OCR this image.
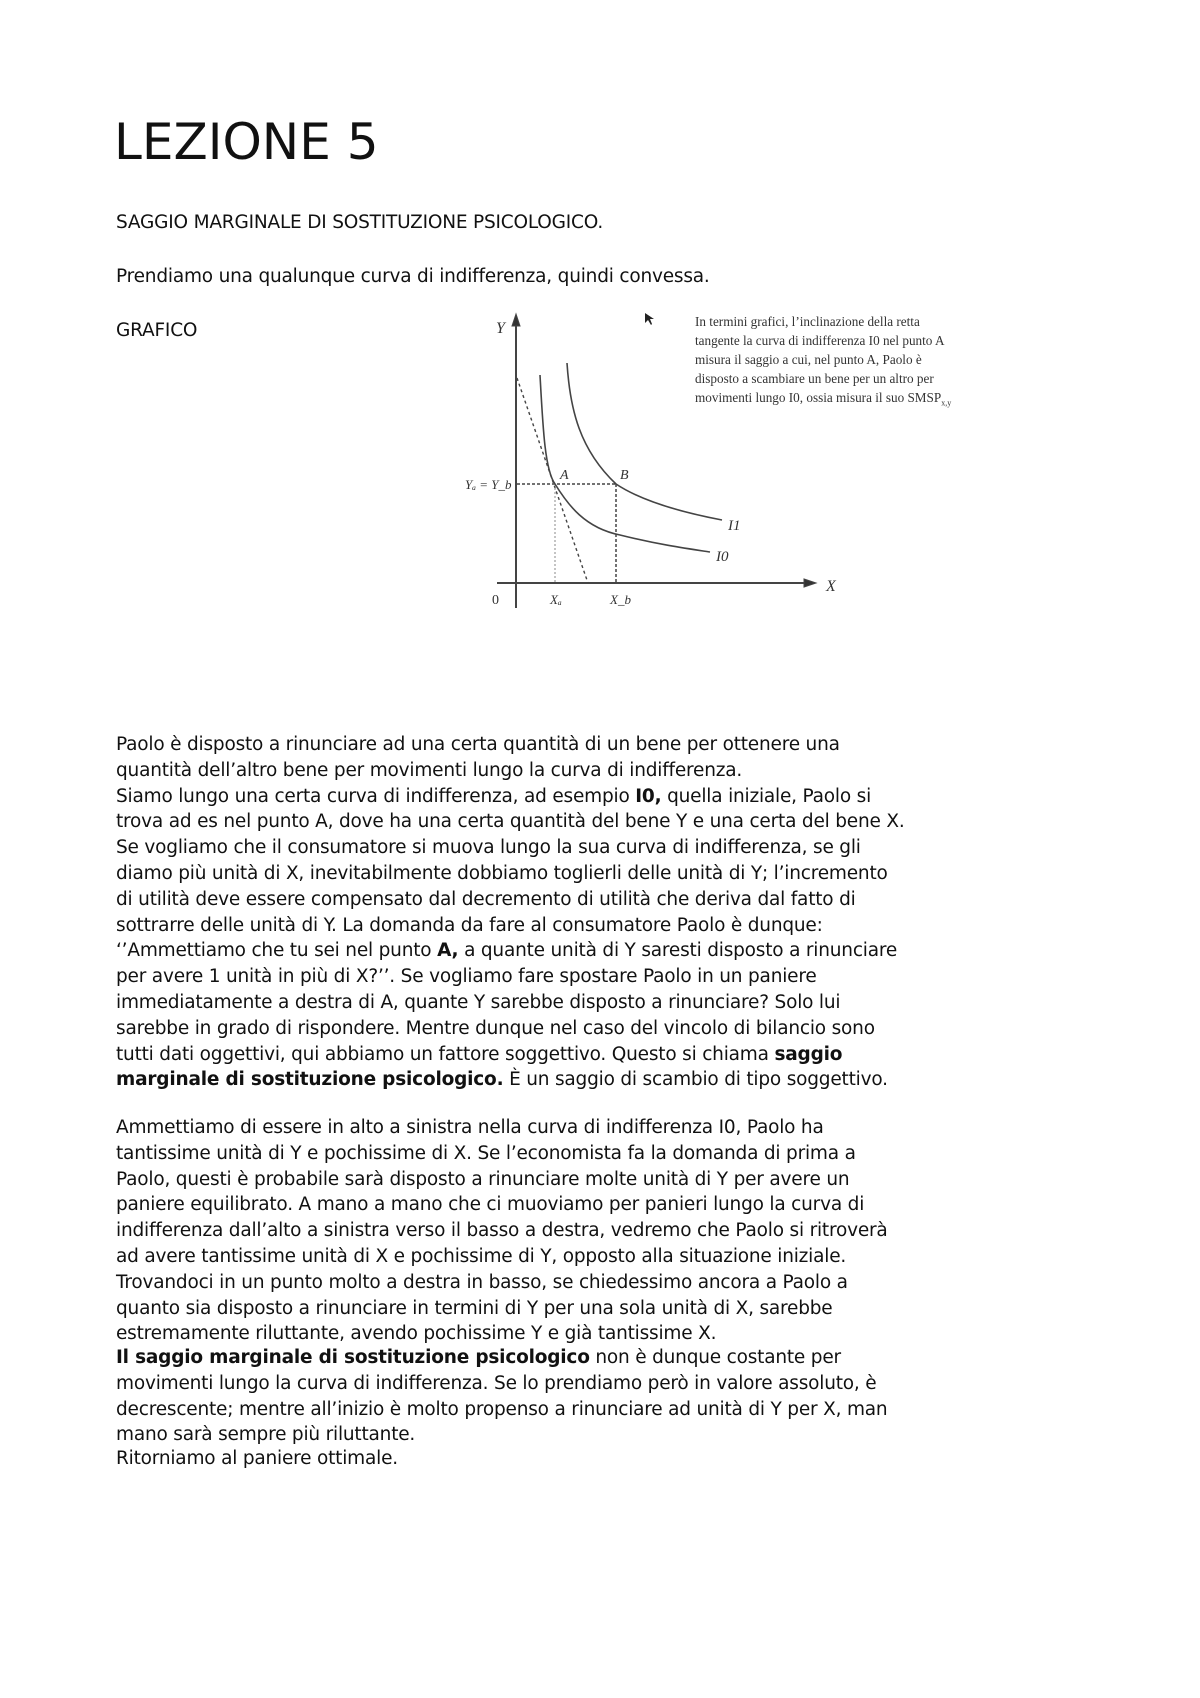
LEZIONE 5
SAGGIO MARGINALE DI SOSTITUZIONE PSICOLOGICO.
Prendiamo una qualunque curva di indifferenza, quindi convessa.
GRAFICO	Y
X
0
Yₐ = Y_b
Xₐ	X_b
A	B
I1
I0
In termini grafici, l’inclinazione della retta
tangente la curva di indifferenza I0 nel punto A
misura il saggio a cui, nel punto A, Paolo è
disposto a scambiare un bene per un altro per
movimenti lungo I0, ossia misura il suo $SMSP_{x,y}$
Paolo è disposto a rinunciare ad una certa quantità di un bene per ottenere una
quantità dell’altro bene per movimenti lungo la curva di indifferenza.
Siamo lungo una certa curva di indifferenza, ad esempio I0, quella iniziale, Paolo si
trova ad es nel punto A, dove ha una certa quantità del bene Y e una certa del bene X.
Se vogliamo che il consumatore si muova lungo la sua curva di indifferenza, se gli
diamo più unità di X, inevitabilmente dobbiamo toglierli delle unità di Y; l’incremento
di utilità deve essere compensato dal decremento di utilità che deriva dal fatto di
sottrarre delle unità di Y. La domanda da fare al consumatore Paolo è dunque:
‘’Ammettiamo che tu sei nel punto A, a quante unità di Y saresti disposto a rinunciare
per avere 1 unità in più di X?’’. Se vogliamo fare spostare Paolo in un paniere
immediatamente a destra di A, quante Y sarebbe disposto a rinunciare? Solo lui
sarebbe in grado di rispondere. Mentre dunque nel caso del vincolo di bilancio sono
tutti dati oggettivi, qui abbiamo un fattore soggettivo. Questo si chiama saggio
marginale di sostituzione psicologico. È un saggio di scambio di tipo soggettivo.
Ammettiamo di essere in alto a sinistra nella curva di indifferenza I0, Paolo ha
tantissime unità di Y e pochissime di X. Se l’economista fa la domanda di prima a
Paolo, questi è probabile sarà disposto a rinunciare molte unità di Y per avere un
paniere equilibrato. A mano a mano che ci muoviamo per panieri lungo la curva di
indifferenza dall’alto a sinistra verso il basso a destra, vedremo che Paolo si ritroverà
ad avere tantissime unità di X e pochissime di Y, opposto alla situazione iniziale.
Trovandoci in un punto molto a destra in basso, se chiedessimo ancora a Paolo a
quanto sia disposto a rinunciare in termini di Y per una sola unità di X, sarebbe
estremamente riluttante, avendo pochissime Y e già tantissime X.
Il saggio marginale di sostituzione psicologico non è dunque costante per
movimenti lungo la curva di indifferenza. Se lo prendiamo però in valore assoluto, è
decrescente; mentre all’inizio è molto propenso a rinunciare ad unità di Y per X, man
mano sarà sempre più riluttante.
Ritorniamo al paniere ottimale.
